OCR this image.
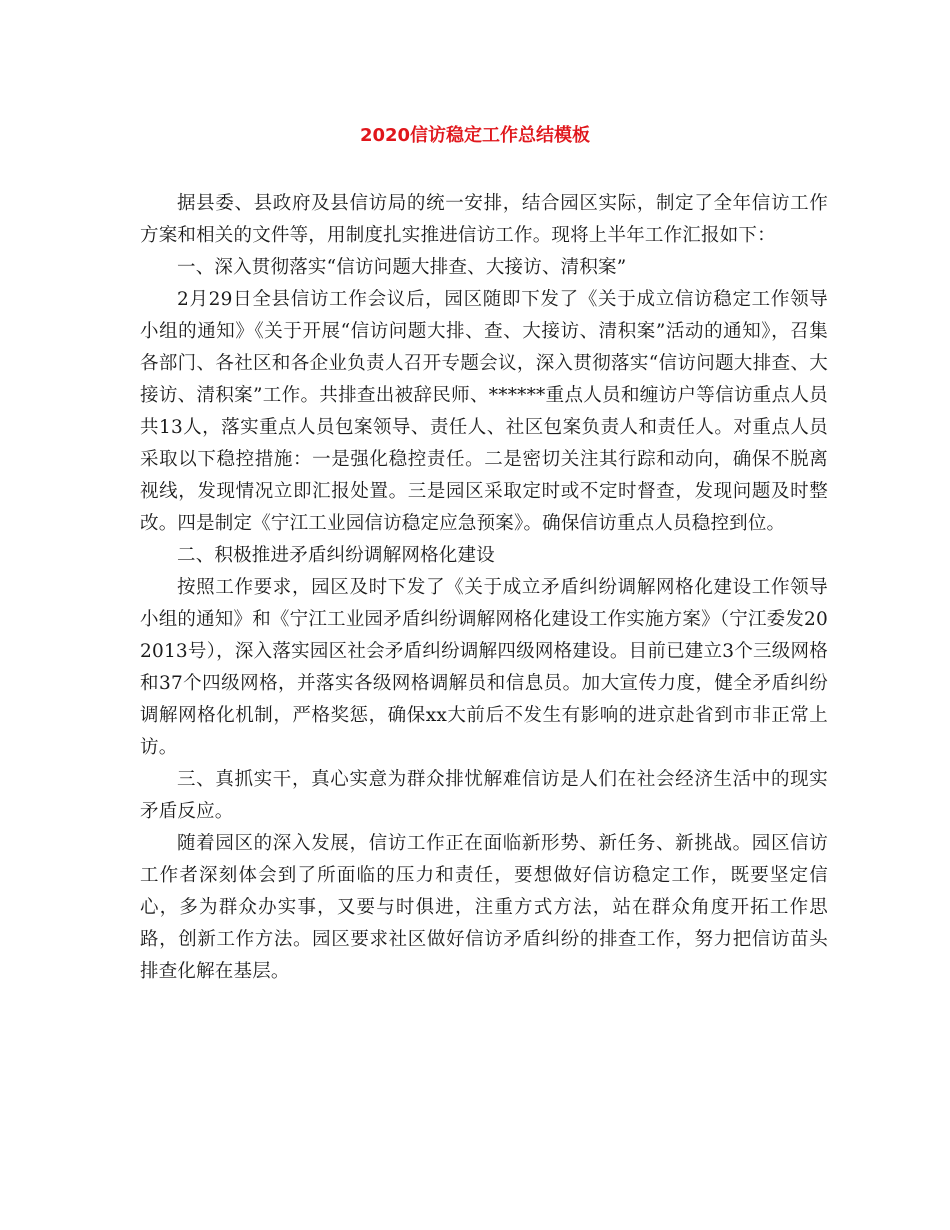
2020信访稳定工作总结模板

据县委、县政府及县信访局的统一安排，结合园区实际，制定了全年信访工作方案和相关的文件等，用制度扎实推进信访工作。现将上半年工作汇报如下：

一、深入贯彻落实“信访问题大排查、大接访、清积案”

2月29日全县信访工作会议后，园区随即下发了《关于成立信访稳定工作领导小组的通知》《关于开展“信访问题大排、查、大接访、清积案”活动的通知》，召集各部门、各社区和各企业负责人召开专题会议，深入贯彻落实“信访问题大排查、大接访、清积案”工作。共排查出被辞民师、******重点人员和缠访户等信访重点人员共13人，落实重点人员包案领导、责任人、社区包案负责人和责任人。对重点人员采取以下稳控措施：一是强化稳控责任。二是密切关注其行踪和动向，确保不脱离视线，发现情况立即汇报处置。三是园区采取定时或不定时督查，发现问题及时整改。四是制定《宁江工业园信访稳定应急预案》。确保信访重点人员稳控到位。

二、积极推进矛盾纠纷调解网格化建设

按照工作要求，园区及时下发了《关于成立矛盾纠纷调解网格化建设工作领导小组的通知》和《宁江工业园矛盾纠纷调解网格化建设工作实施方案》（宁江委发202013号），深入落实园区社会矛盾纠纷调解四级网格建设。目前已建立3个三级网格和37个四级网格，并落实各级网格调解员和信息员。加大宣传力度，健全矛盾纠纷调解网格化机制，严格奖惩，确保xx大前后不发生有影响的进京赴省到市非正常上访。

三、真抓实干，真心实意为群众排忧解难信访是人们在社会经济生活中的现实矛盾反应。

随着园区的深入发展，信访工作正在面临新形势、新任务、新挑战。园区信访工作者深刻体会到了所面临的压力和责任，要想做好信访稳定工作，既要坚定信心，多为群众办实事，又要与时俱进，注重方式方法，站在群众角度开拓工作思路，创新工作方法。园区要求社区做好信访矛盾纠纷的排查工作，努力把信访苗头排查化解在基层。
